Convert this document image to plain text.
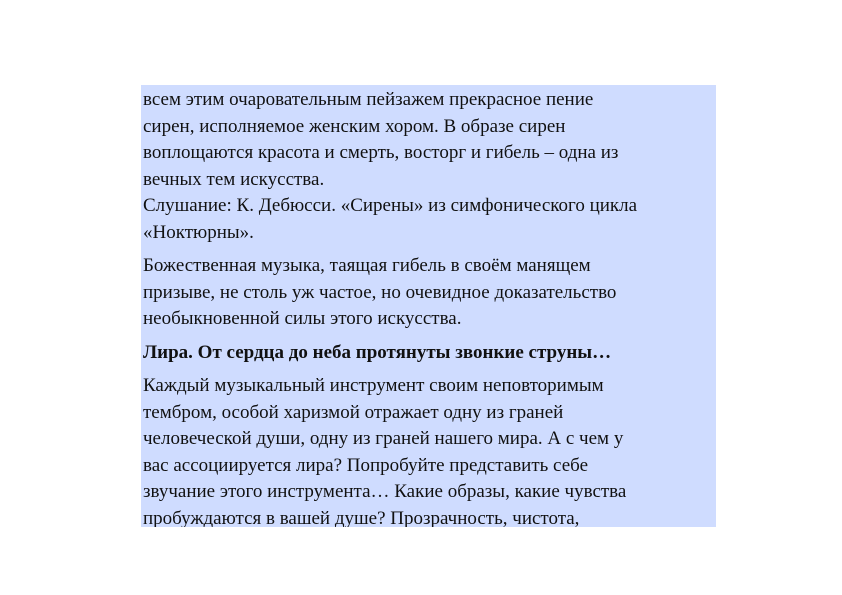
всем этим очаровательным пейзажем прекрасное пение
сирен, исполняемое женским хором. В образе сирен
воплощаются красота и смерть, восторг и гибель – одна из
вечных тем искусства.

Слушание: К. Дебюсси. «Сирены» из симфонического цикла
«Ноктюрны».

Божественная музыка, таящая гибель в своём манящем
призыве, не столь уж частое, но очевидное доказательство
необыкновенной силы этого искусства.

Лира. От сердца до неба протянуты звонкие струны…

Каждый музыкальный инструмент своим неповторимым
тембром, особой харизмой отражает одну из граней
человеческой души, одну из граней нашего мира. А с чем у
вас ассоциируется лира? Попробуйте представить себе
звучание этого инструмента… Какие образы, какие чувства
пробуждаются в вашей душе? Прозрачность, чистота,
